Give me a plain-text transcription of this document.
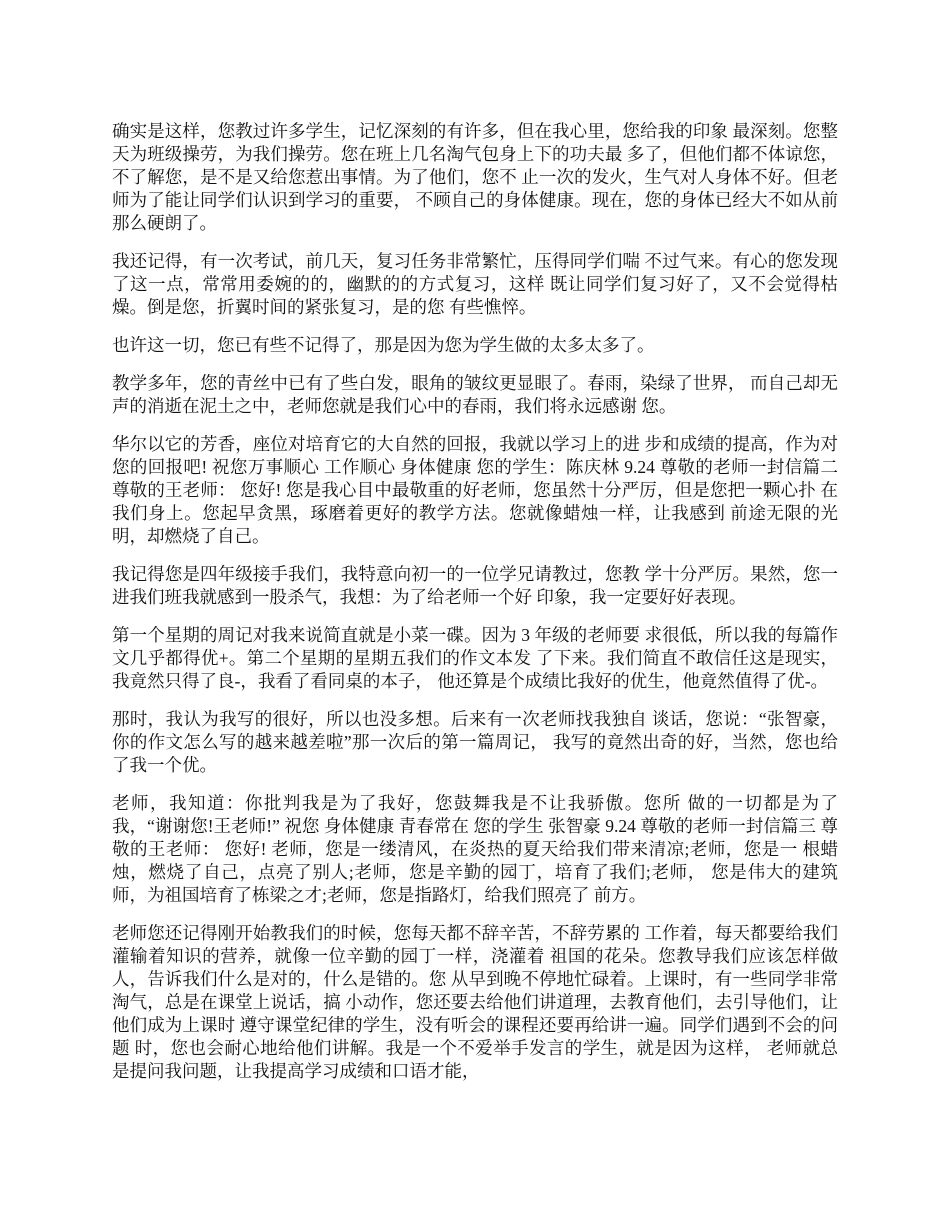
确实是这样，您教过许多学生，记忆深刻的有许多，但在我心里，您给我的印象 最深刻。您整天为班级操劳，为我们操劳。您在班上几名淘气包身上下的功夫最 多了，但他们都不体谅您，不了解您，是不是又给您惹出事情。为了他们，您不 止一次的发火，生气对人身体不好。但老师为了能让同学们认识到学习的重要， 不顾自己的身体健康。现在，您的身体已经大不如从前那么硬朗了。

我还记得，有一次考试，前几天，复习任务非常繁忙，压得同学们喘 不过气来。有心的您发现了这一点，常常用委婉的的，幽默的的方式复习，这样 既让同学们复习好了，又不会觉得枯燥。倒是您，折翼时间的紧张复习，是的您 有些憔悴。

也许这一切，您已有些不记得了，那是因为您为学生做的太多太多了。

教学多年，您的青丝中已有了些白发，眼角的皱纹更显眼了。春雨，染绿了世界， 而自己却无声的消逝在泥土之中，老师您就是我们心中的春雨，我们将永远感谢 您。

华尔以它的芳香，座位对培育它的大自然的回报，我就以学习上的进 步和成绩的提高，作为对您的回报吧! 祝您万事顺心 工作顺心 身体健康 您的学生：陈庆林 9.24 尊敬的老师一封信篇二 尊敬的王老师： 您好! 您是我心目中最敬重的好老师，您虽然十分严厉，但是您把一颗心扑 在我们身上。您起早贪黑，琢磨着更好的教学方法。您就像蜡烛一样，让我感到 前途无限的光明，却燃烧了自己。

我记得您是四年级接手我们，我特意向初一的一位学兄请教过，您教 学十分严厉。果然，您一进我们班我就感到一股杀气，我想：为了给老师一个好 印象，我一定要好好表现。

第一个星期的周记对我来说简直就是小菜一碟。因为 3 年级的老师要 求很低，所以我的每篇作文几乎都得优+。第二个星期的星期五我们的作文本发 了下来。我们简直不敢信任这是现实，我竟然只得了良-，我看了看同桌的本子， 他还算是个成绩比我好的优生，他竟然值得了优-。

那时，我认为我写的很好，所以也没多想。后来有一次老师找我独自 谈话，您说：“张智豪，你的作文怎么写的越来越差啦”那一次后的第一篇周记， 我写的竟然出奇的好，当然，您也给了我一个优。

老师，我知道：你批判我是为了我好，您鼓舞我是不让我骄傲。您所 做的一切都是为了我，“谢谢您!王老师!” 祝您 身体健康 青春常在 您的学生 张智豪 9.24 尊敬的老师一封信篇三 尊敬的王老师： 您好! 老师，您是一缕清风，在炎热的夏天给我们带来清凉;老师，您是一 根蜡烛，燃烧了自己，点亮了别人;老师，您是辛勤的园丁，培育了我们;老师， 您是伟大的建筑师，为祖国培育了栋梁之才;老师，您是指路灯，给我们照亮了 前方。

老师您还记得刚开始教我们的时候，您每天都不辞辛苦，不辞劳累的 工作着，每天都要给我们灌输着知识的营养，就像一位辛勤的园丁一样，浇灌着 祖国的花朵。您教导我们应该怎样做人，告诉我们什么是对的，什么是错的。您 从早到晚不停地忙碌着。上课时，有一些同学非常淘气，总是在课堂上说话，搞 小动作，您还要去给他们讲道理，去教育他们，去引导他们，让他们成为上课时 遵守课堂纪律的学生，没有听会的课程还要再给讲一遍。同学们遇到不会的问题 时，您也会耐心地给他们讲解。我是一个不爱举手发言的学生，就是因为这样， 老师就总是提问我问题，让我提高学习成绩和口语才能，
